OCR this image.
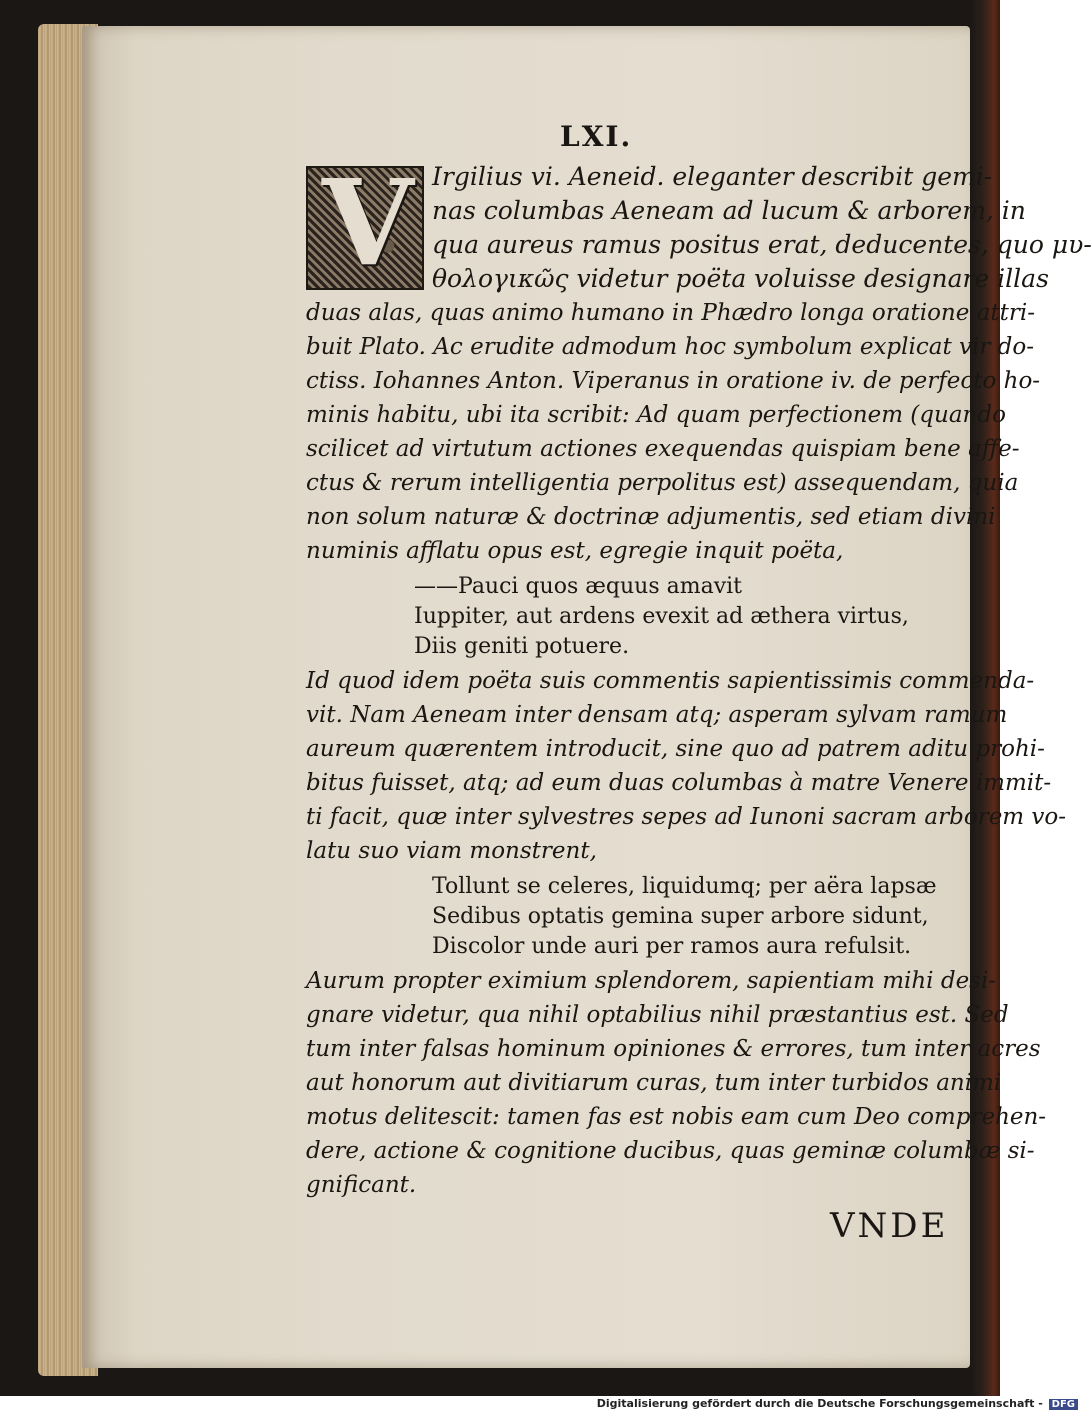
LXI.
V Irgilius vi. Aeneid. eleganter describit gemi-
nas columbas Aeneam ad lucum & arborem, in
qua aureus ramus positus erat, deducentes, quo μυ-
θολογικῶς videtur poëta voluisse designare illas
duas alas, quas animo humano in Phædro longa oratione attri-
buit Plato. Ac erudite admodum hoc symbolum explicat vir do-
ctiss. Iohannes Anton. Viperanus in oratione iv. de perfecto ho-
minis habitu, ubi ita scribit: Ad quam perfectionem (quando
scilicet ad virtutum actiones exequendas quispiam bene affe-
ctus & rerum intelligentia perpolitus est) assequendam, quia
non solum naturæ & doctrinæ adjumentis, sed etiam divini
numinis afflatu opus est, egregie inquit poëta,
——Pauci quos æquus amavit
Iuppiter, aut ardens evexit ad æthera virtus,
Diis geniti potuere.
Id quod idem poëta suis commentis sapientissimis commenda-
vit. Nam Aeneam inter densam atq; asperam sylvam ramum
aureum quærentem introducit, sine quo ad patrem aditu prohi-
bitus fuisset, atq; ad eum duas columbas à matre Venere immit-
ti facit, quæ inter sylvestres sepes ad Iunoni sacram arborem vo-
latu suo viam monstrent,
Tollunt se celeres, liquidumq; per aëra lapsæ
Sedibus optatis gemina super arbore sidunt,
Discolor unde auri per ramos aura refulsit.
Aurum propter eximium splendorem, sapientiam mihi desi-
gnare videtur, qua nihil optabilius nihil præstantius est. Sed
tum inter falsas hominum opiniones & errores, tum inter acres
aut honorum aut divitiarum curas, tum inter turbidos animi
motus delitescit: tamen fas est nobis eam cum Deo comprehen-
dere, actione & cognitione ducibus, quas geminæ columbæ si-
gnificant.
VNDE
Digitalisierung gefördert durch die Deutsche Forschungsgemeinschaft - DFG
